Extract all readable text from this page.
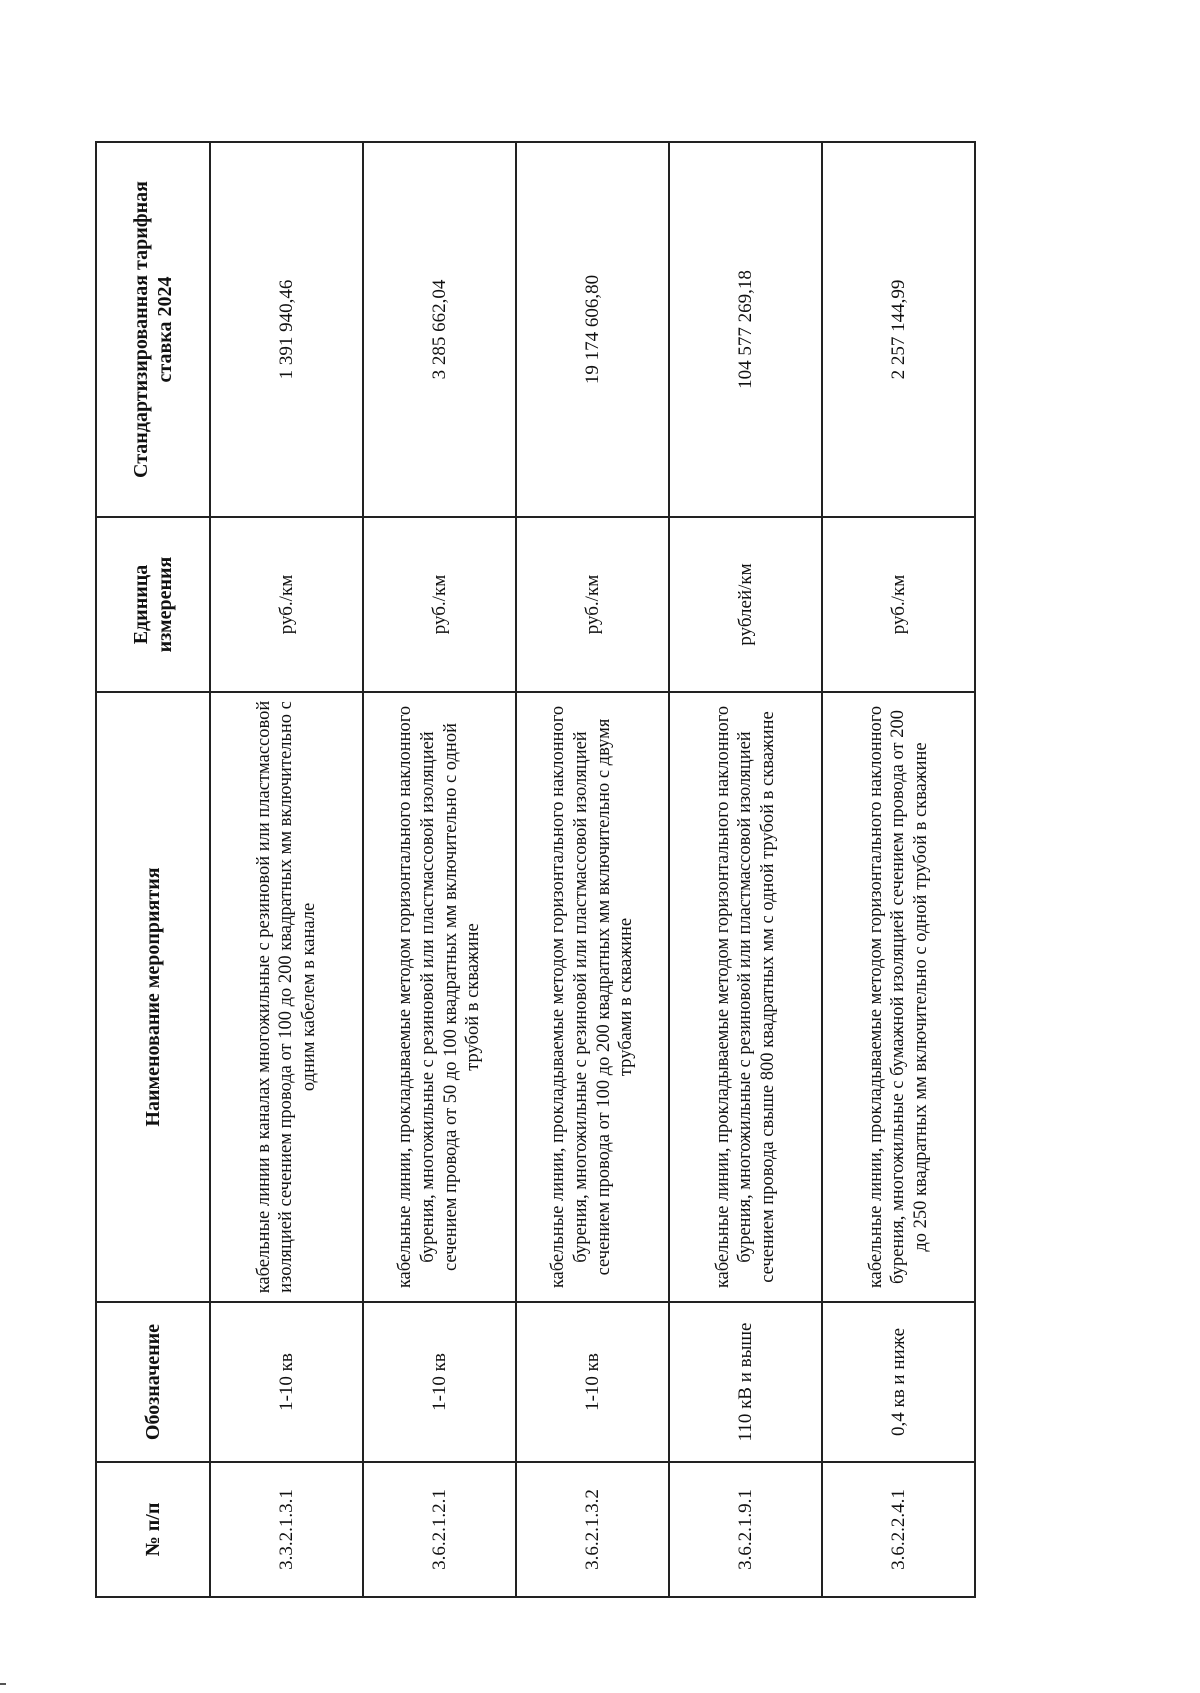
№ п/п	Обозначение	Наименование мероприятия	Единица измерения	Стандартизированная тарифная ставка 2024
3.3.2.1.3.1	1-10 кв	кабельные линии в каналах многожильные с резиновой или пластмассовой изоляцией сечением провода от 100 до 200 квадратных мм включительно с одним кабелем в канале	руб./км	1 391 940,46
3.6.2.1.2.1	1-10 кв	кабельные линии, прокладываемые методом горизонтального наклонного бурения, многожильные с резиновой или пластмассовой изоляцией сечением провода от 50 до 100 квадратных мм включительно с одной трубой в скважине	руб./км	3 285 662,04
3.6.2.1.3.2	1-10 кв	кабельные линии, прокладываемые методом горизонтального наклонного бурения, многожильные с резиновой или пластмассовой изоляцией сечением провода от 100 до 200 квадратных мм включительно с двумя трубами в скважине	руб./км	19 174 606,80
3.6.2.1.9.1	110 кВ и выше	кабельные линии, прокладываемые методом горизонтального наклонного бурения, многожильные с резиновой или пластмассовой изоляцией сечением провода свыше 800 квадратных мм с одной трубой в скважине	рублей/км	104 577 269,18
3.6.2.2.4.1	0,4 кв и ниже	кабельные линии, прокладываемые методом горизонтального наклонного бурения, многожильные с бумажной изоляцией сечением провода от 200 до 250 квадратных мм включительно с одной трубой в скважине	руб./км	2 257 144,99
